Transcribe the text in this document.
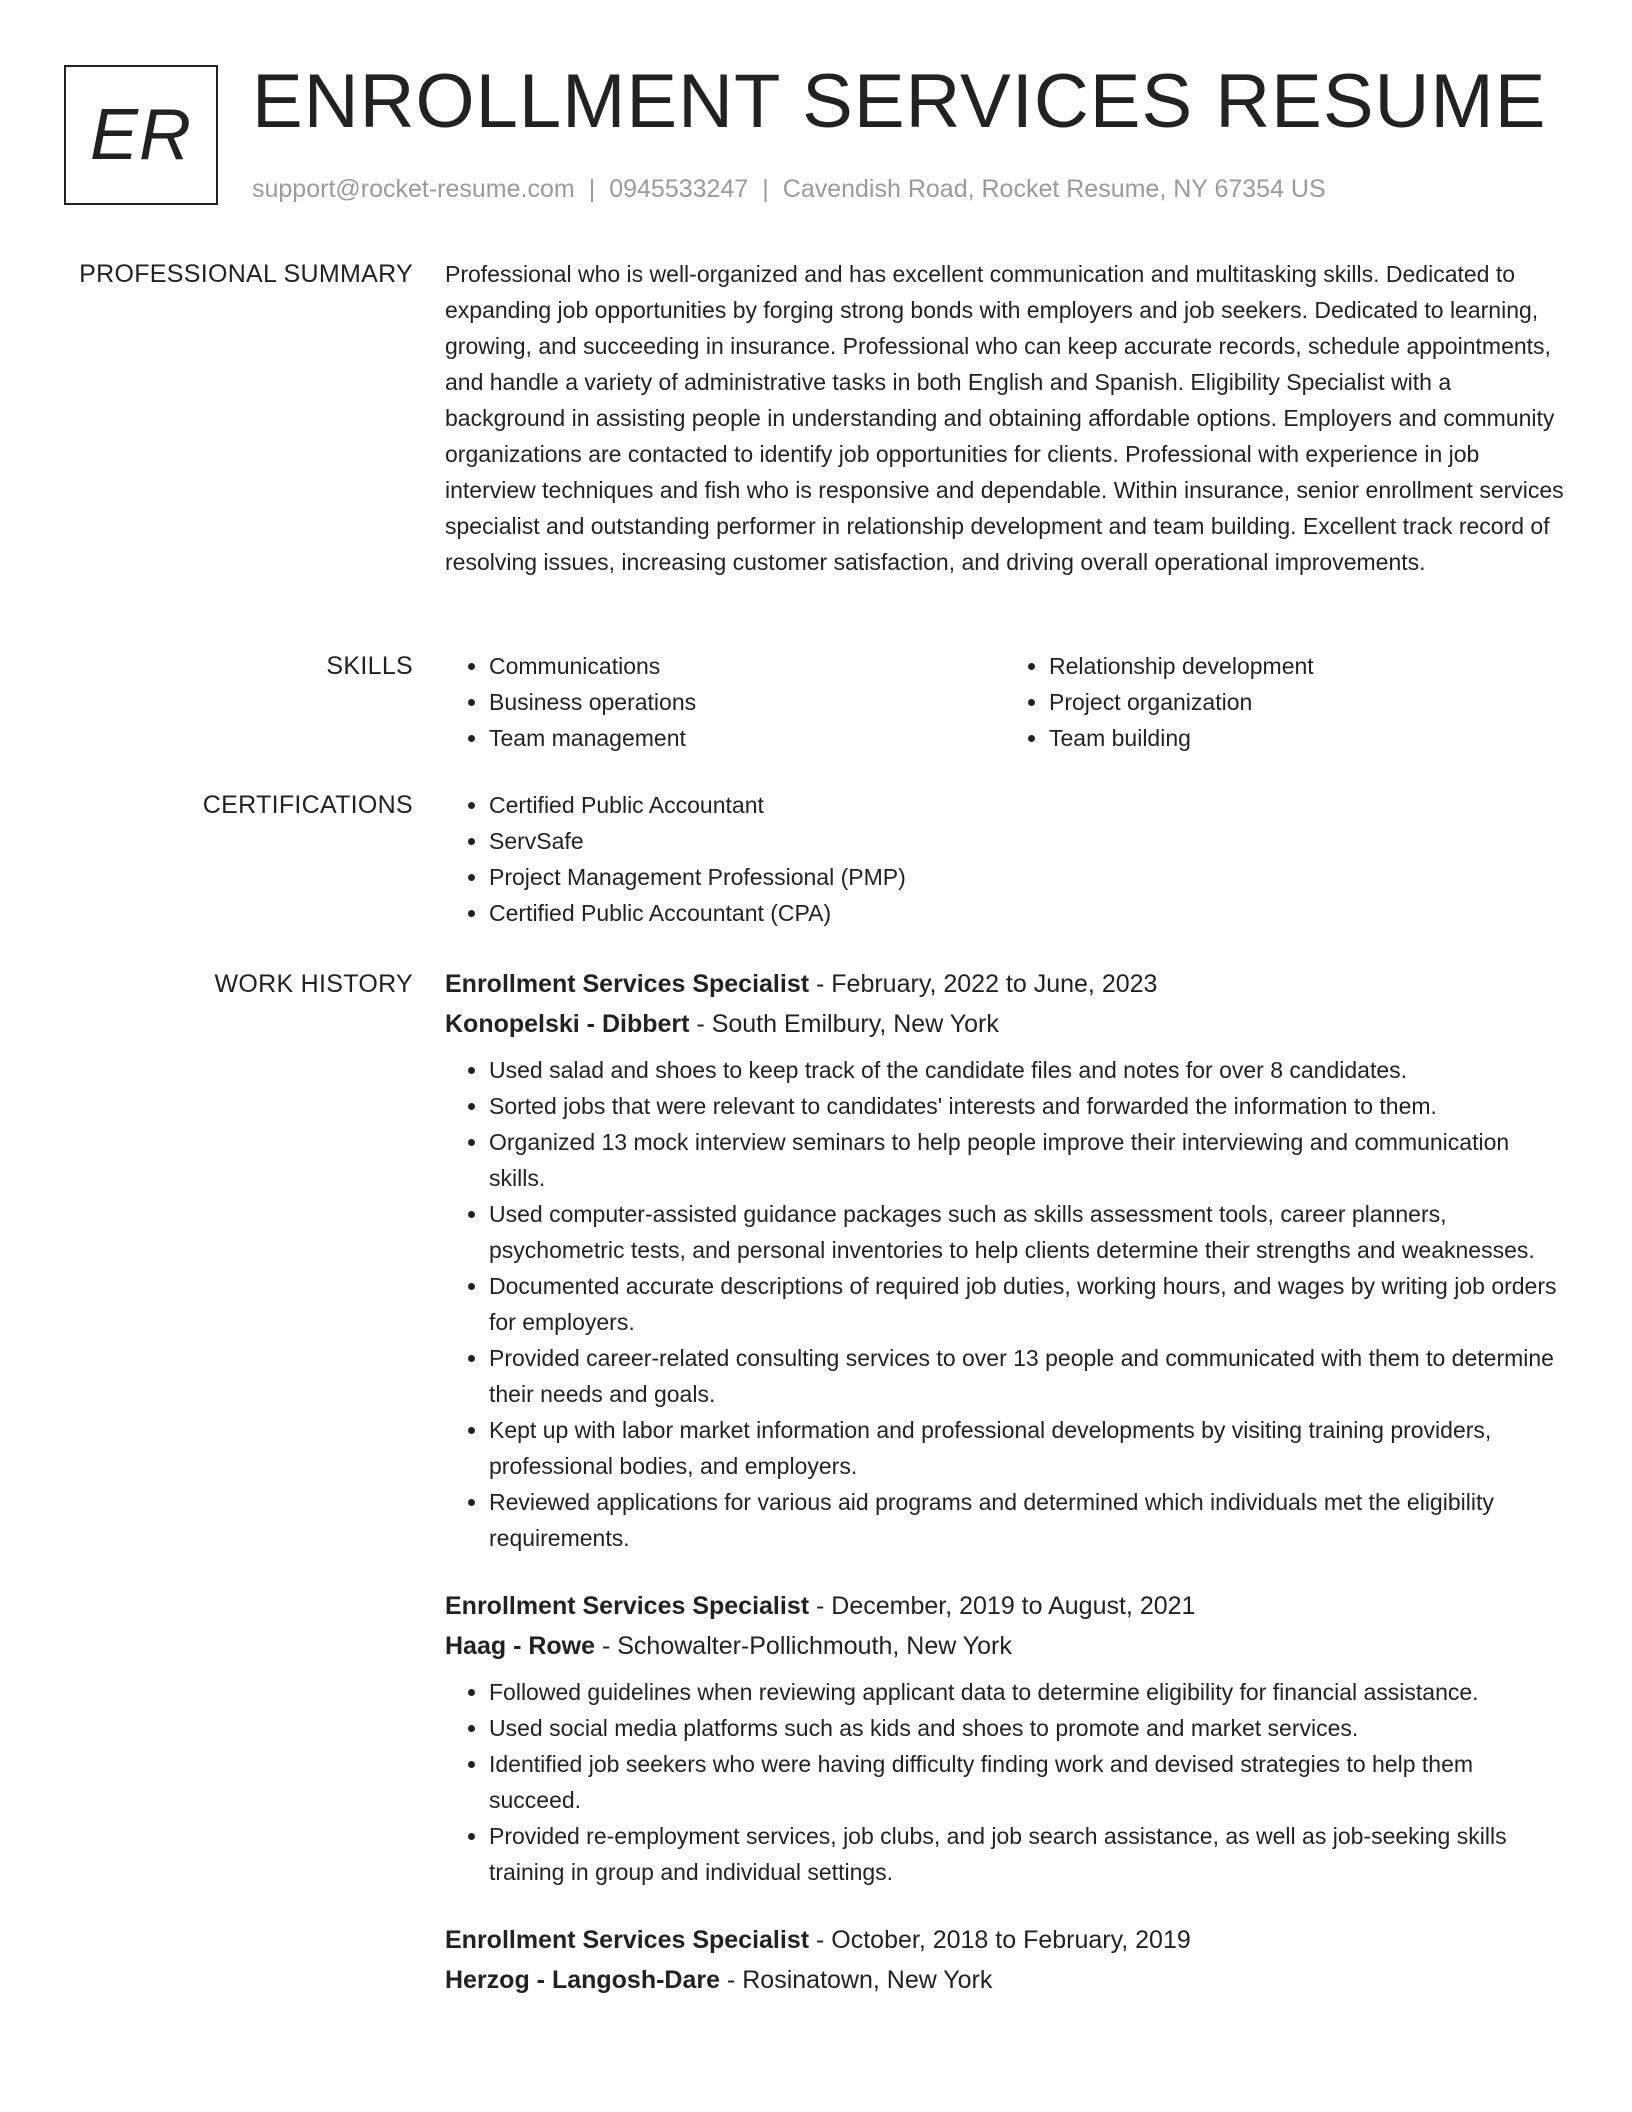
ER ENROLLMENT SERVICES RESUME
support@rocket-resume.com | 0945533247 | Cavendish Road, Rocket Resume, NY 67354 US
PROFESSIONAL SUMMARY Professional who is well-organized and has excellent communication and multitasking skills. Dedicated to expanding job opportunities by forging strong bonds with employers and job seekers. Dedicated to learning, growing, and succeeding in insurance. Professional who can keep accurate records, schedule appointments, and handle a variety of administrative tasks in both English and Spanish. Eligibility Specialist with a background in assisting people in understanding and obtaining affordable options. Employers and community organizations are contacted to identify job opportunities for clients. Professional with experience in job interview techniques and fish who is responsive and dependable. Within insurance, senior enrollment services specialist and outstanding performer in relationship development and team building. Excellent track record of resolving issues, increasing customer satisfaction, and driving overall operational improvements.

SKILLS	• Communications
• Business operations
• Team management
• Relationship development
• Project organization
• Team building
CERTIFICATIONS	• Certified Public Accountant
• ServSafe
• Project Management Professional (PMP)
• Certified Public Accountant (CPA)
WORK HISTORY Enrollment Services Specialist - February, 2022 to June, 2023
Konopelski - Dibbert - South Emilbury, New York
• Used salad and shoes to keep track of the candidate files and notes for over 8 candidates.
• Sorted jobs that were relevant to candidates' interests and forwarded the information to them.
• Organized 13 mock interview seminars to help people improve their interviewing and communication skills.
• Used computer-assisted guidance packages such as skills assessment tools, career planners, psychometric tests, and personal inventories to help clients determine their strengths and weaknesses.
• Documented accurate descriptions of required job duties, working hours, and wages by writing job orders for employers.
• Provided career-related consulting services to over 13 people and communicated with them to determine their needs and goals.
• Kept up with labor market information and professional developments by visiting training providers, professional bodies, and employers.
• Reviewed applications for various aid programs and determined which individuals met the eligibility requirements.
Enrollment Services Specialist - December, 2019 to August, 2021
Haag - Rowe - Schowalter-Pollichmouth, New York
• Followed guidelines when reviewing applicant data to determine eligibility for financial assistance.
• Used social media platforms such as kids and shoes to promote and market services.
• Identified job seekers who were having difficulty finding work and devised strategies to help them succeed.
• Provided re-employment services, job clubs, and job search assistance, as well as job-seeking skills training in group and individual settings.
Enrollment Services Specialist - October, 2018 to February, 2019
Herzog - Langosh-Dare - Rosinatown, New York
